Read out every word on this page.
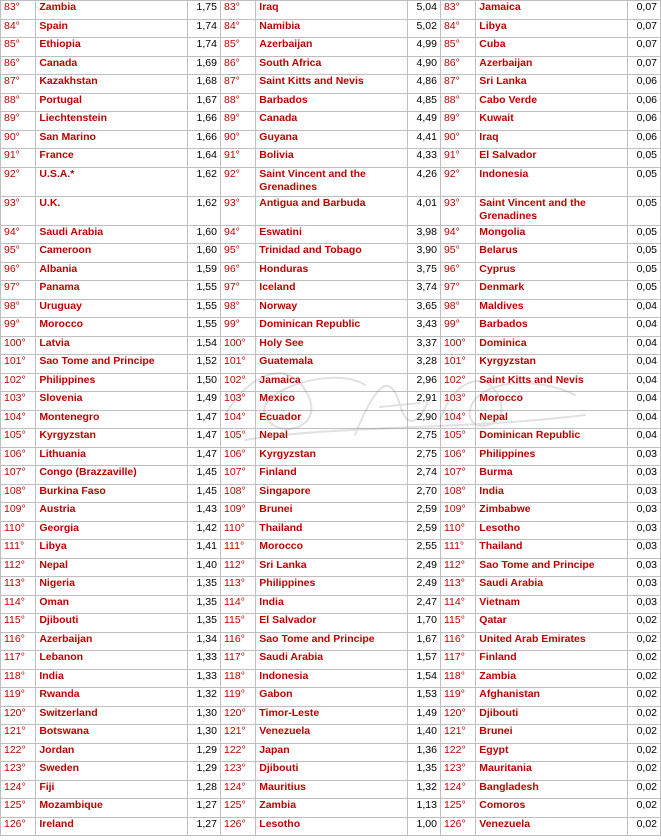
83°	Zambia	1,75	83°	Iraq	5,04	83°	Jamaica	0,07
84°	Spain	1,74	84°	Namibia	5,02	84°	Libya	0,07
85°	Ethiopia	1,74	85°	Azerbaijan	4,99	85°	Cuba	0,07
86°	Canada	1,69	86°	South Africa	4,90	86°	Azerbaijan	0,07
87°	Kazakhstan	1,68	87°	Saint Kitts and Nevis	4,86	87°	Sri Lanka	0,06
88°	Portugal	1,67	88°	Barbados	4,85	88°	Cabo Verde	0,06
89°	Liechtenstein	1,66	89°	Canada	4,49	89°	Kuwait	0,06
90°	San Marino	1,66	90°	Guyana	4,41	90°	Iraq	0,06
91°	France	1,64	91°	Bolivia	4,33	91°	El Salvador	0,05
92°	U.S.A.*	1,62	92°	Saint Vincent and the Grenadines	4,26	92°	Indonesia	0,05
93°	U.K.	1,62	93°	Antigua and Barbuda	4,01	93°	Saint Vincent and the Grenadines	0,05
94°	Saudi Arabia	1,60	94°	Eswatini	3,98	94°	Mongolia	0,05
95°	Cameroon	1,60	95°	Trinidad and Tobago	3,90	95°	Belarus	0,05
96°	Albania	1,59	96°	Honduras	3,75	96°	Cyprus	0,05
97°	Panama	1,55	97°	Iceland	3,74	97°	Denmark	0,05
98°	Uruguay	1,55	98°	Norway	3,65	98°	Maldives	0,04
99°	Morocco	1,55	99°	Dominican Republic	3,43	99°	Barbados	0,04
100°	Latvia	1,54	100°	Holy See	3,37	100°	Dominica	0,04
101°	Sao Tome and Principe	1,52	101°	Guatemala	3,28	101°	Kyrgyzstan	0,04
102°	Philippines	1,50	102°	Jamaica	2,96	102°	Saint Kitts and Nevis	0,04
103°	Slovenia	1,49	103°	Mexico	2,91	103°	Morocco	0,04
104°	Montenegro	1,47	104°	Ecuador	2,90	104°	Nepal	0,04
105°	Kyrgyzstan	1,47	105°	Nepal	2,75	105°	Dominican Republic	0,04
106°	Lithuania	1,47	106°	Kyrgyzstan	2,75	106°	Philippines	0,03
107°	Congo (Brazzaville)	1,45	107°	Finland	2,74	107°	Burma	0,03
108°	Burkina Faso	1,45	108°	Singapore	2,70	108°	India	0,03
109°	Austria	1,43	109°	Brunei	2,59	109°	Zimbabwe	0,03
110°	Georgia	1,42	110°	Thailand	2,59	110°	Lesotho	0,03
111°	Libya	1,41	111°	Morocco	2,55	111°	Thailand	0,03
112°	Nepal	1,40	112°	Sri Lanka	2,49	112°	Sao Tome and Principe	0,03
113°	Nigeria	1,35	113°	Philippines	2,49	113°	Saudi Arabia	0,03
114°	Oman	1,35	114°	India	2,47	114°	Vietnam	0,03
115°	Djibouti	1,35	115°	El Salvador	1,70	115°	Qatar	0,02
116°	Azerbaijan	1,34	116°	Sao Tome and Principe	1,67	116°	United Arab Emirates	0,02
117°	Lebanon	1,33	117°	Saudi Arabia	1,57	117°	Finland	0,02
118°	India	1,33	118°	Indonesia	1,54	118°	Zambia	0,02
119°	Rwanda	1,32	119°	Gabon	1,53	119°	Afghanistan	0,02
120°	Switzerland	1,30	120°	Timor-Leste	1,49	120°	Djibouti	0,02
121°	Botswana	1,30	121°	Venezuela	1,40	121°	Brunei	0,02
122°	Jordan	1,29	122°	Japan	1,36	122°	Egypt	0,02
123°	Sweden	1,29	123°	Djibouti	1,35	123°	Mauritania	0,02
124°	Fiji	1,28	124°	Mauritius	1,32	124°	Bangladesh	0,02
125°	Mozambique	1,27	125°	Zambia	1,13	125°	Comoros	0,02
126°	Ireland	1,27	126°	Lesotho	1,00	126°	Venezuela	0,02
